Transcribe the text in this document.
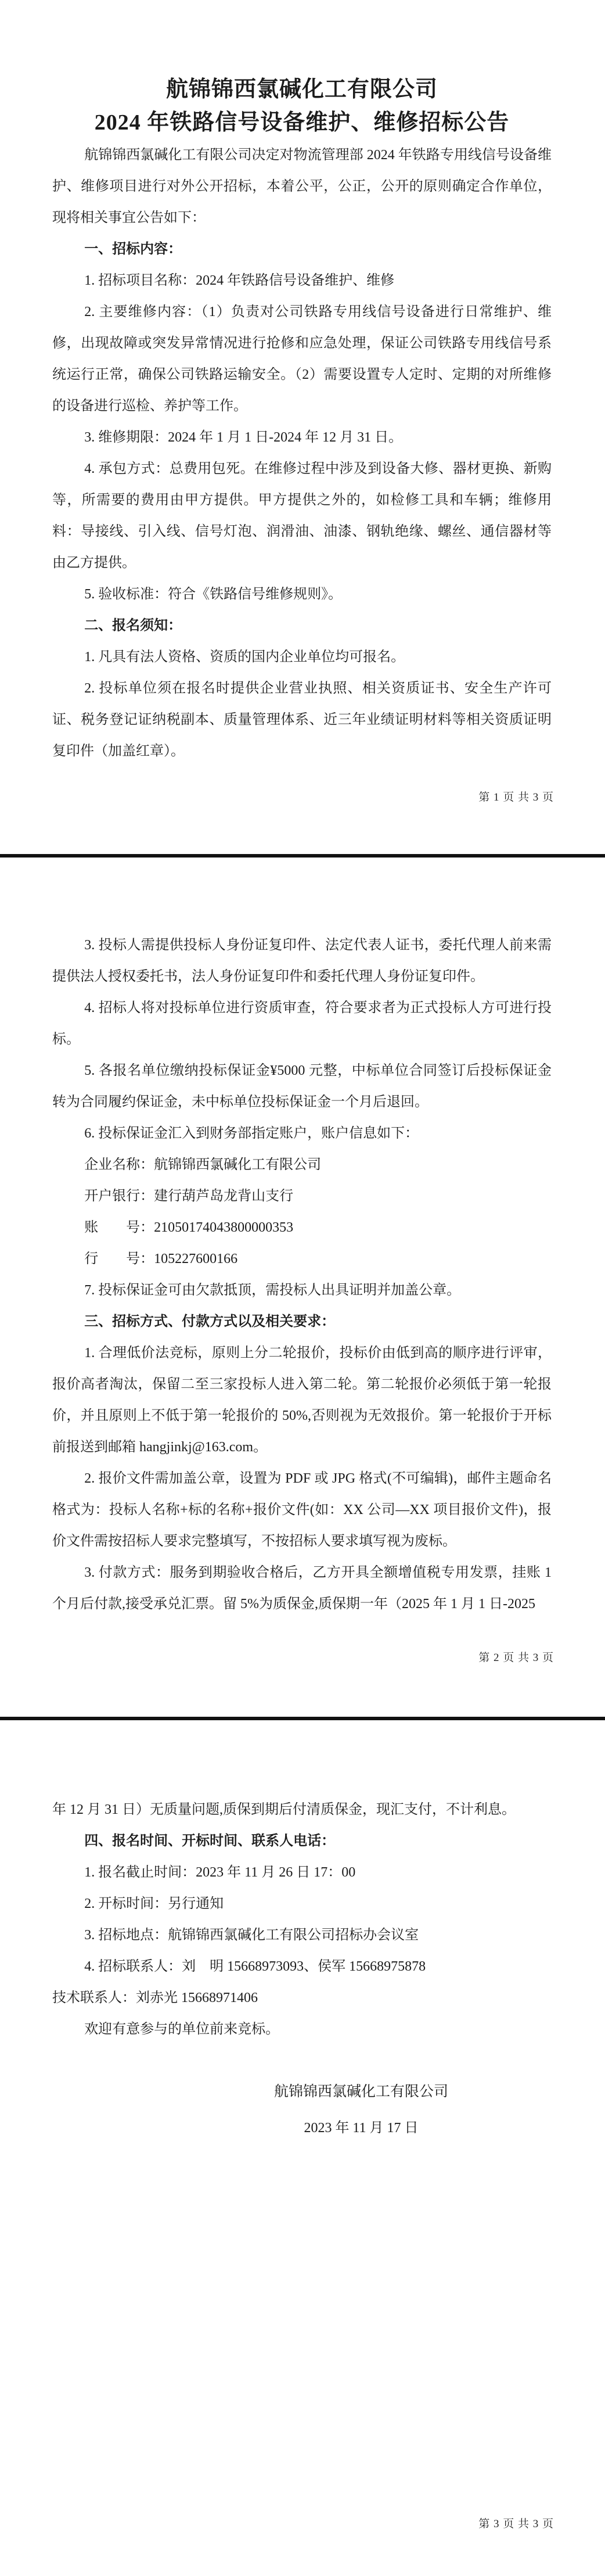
航锦锦西氯碱化工有限公司
2024 年铁路信号设备维护、维修招标公告

航锦锦西氯碱化工有限公司决定对物流管理部 2024 年铁路专用线信号设备维护、维修项目进行对外公开招标，本着公平，公正，公开的原则确定合作单位，现将相关事宜公告如下：

一、招标内容：

1. 招标项目名称：2024 年铁路信号设备维护、维修

2. 主要维修内容：（1）负责对公司铁路专用线信号设备进行日常维护、维修，出现故障或突发异常情况进行抢修和应急处理，保证公司铁路专用线信号系统运行正常，确保公司铁路运输安全。（2）需要设置专人定时、定期的对所维修的设备进行巡检、养护等工作。

3. 维修期限：2024 年 1 月 1 日-2024 年 12 月 31 日。

4. 承包方式：总费用包死。在维修过程中涉及到设备大修、器材更换、新购等，所需要的费用由甲方提供。甲方提供之外的，如检修工具和车辆；维修用料：导接线、引入线、信号灯泡、润滑油、油漆、钢轨绝缘、螺丝、通信器材等由乙方提供。

5. 验收标准：符合《铁路信号维修规则》。

二、报名须知：

1. 凡具有法人资格、资质的国内企业单位均可报名。

2. 投标单位须在报名时提供企业营业执照、相关资质证书、安全生产许可证、税务登记证纳税副本、质量管理体系、近三年业绩证明材料等相关资质证明复印件（加盖红章）。

第 1 页 共 3 页

3. 投标人需提供投标人身份证复印件、法定代表人证书，委托代理人前来需提供法人授权委托书，法人身份证复印件和委托代理人身份证复印件。

4. 招标人将对投标单位进行资质审查，符合要求者为正式投标人方可进行投标。

5. 各报名单位缴纳投标保证金¥5000 元整，中标单位合同签订后投标保证金转为合同履约保证金，未中标单位投标保证金一个月后退回。

6. 投标保证金汇入到财务部指定账户，账户信息如下：

企业名称：航锦锦西氯碱化工有限公司

开户银行：建行葫芦岛龙背山支行

账　　号：21050174043800000353

行　　号：105227600166

7. 投标保证金可由欠款抵顶，需投标人出具证明并加盖公章。

三、招标方式、付款方式以及相关要求：

1. 合理低价法竞标，原则上分二轮报价，投标价由低到高的顺序进行评审，报价高者淘汰，保留二至三家投标人进入第二轮。第二轮报价必须低于第一轮报价，并且原则上不低于第一轮报价的 50%,否则视为无效报价。第一轮报价于开标前报送到邮箱 hangjinkj@163.com。

2. 报价文件需加盖公章，设置为 PDF 或 JPG 格式(不可编辑)，邮件主题命名格式为：投标人名称+标的名称+报价文件(如：XX 公司—XX 项目报价文件)，报价文件需按招标人要求完整填写，不按招标人要求填写视为废标。

3. 付款方式：服务到期验收合格后，乙方开具全额增值税专用发票，挂账 1 个月后付款,接受承兑汇票。留 5%为质保金,质保期一年（2025 年 1 月 1 日-2025

第 2 页 共 3 页

年 12 月 31 日）无质量问题,质保到期后付清质保金，现汇支付，不计利息。

四、报名时间、开标时间、联系人电话：

1. 报名截止时间：2023 年 11 月 26 日 17：00

2. 开标时间：另行通知

3. 招标地点：航锦锦西氯碱化工有限公司招标办会议室

4. 招标联系人：刘　明 15668973093、侯军 15668975878

技术联系人：刘赤光 15668971406

欢迎有意参与的单位前来竞标。

航锦锦西氯碱化工有限公司

2023 年 11 月 17 日

第 3 页 共 3 页
